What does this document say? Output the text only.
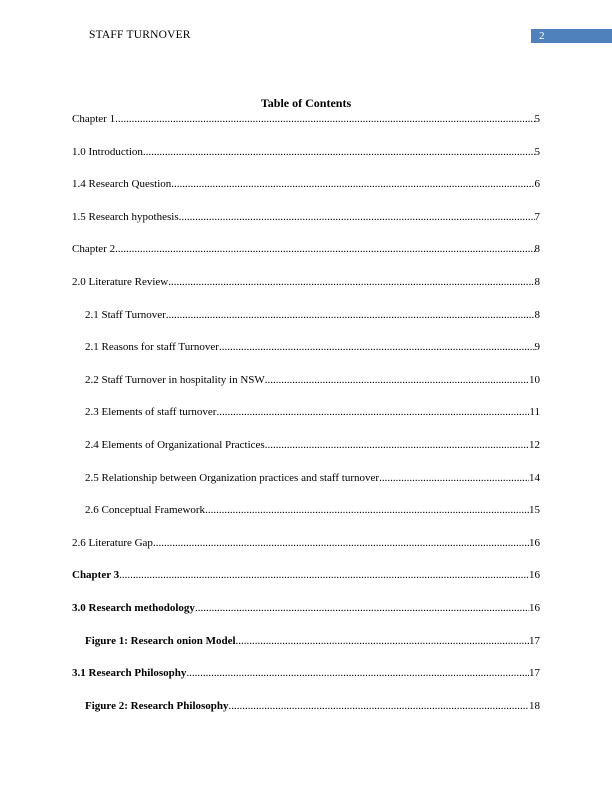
STAFF TURNOVER	2
Table of Contents
Chapter 1 .....	5
1.0 Introduction .....	5
1.4 Research Question .....	6
1.5 Research hypothesis .....	7
Chapter 2 .....	8
2.0 Literature Review .....	8
2.1 Staff Turnover .....	8
2.1 Reasons for staff Turnover .....	9
2.2 Staff Turnover in hospitality in NSW .....	10
2.3 Elements of staff turnover .....	11
2.4 Elements of Organizational Practices .....	12
2.5 Relationship between Organization practices and staff turnover .....	14
2.6 Conceptual Framework .....	15
2.6 Literature Gap .....	16
Chapter 3 .....	16
3.0 Research methodology .....	16
Figure 1: Research onion Model .....	17
3.1 Research Philosophy .....	17
Figure 2: Research Philosophy .....	18
